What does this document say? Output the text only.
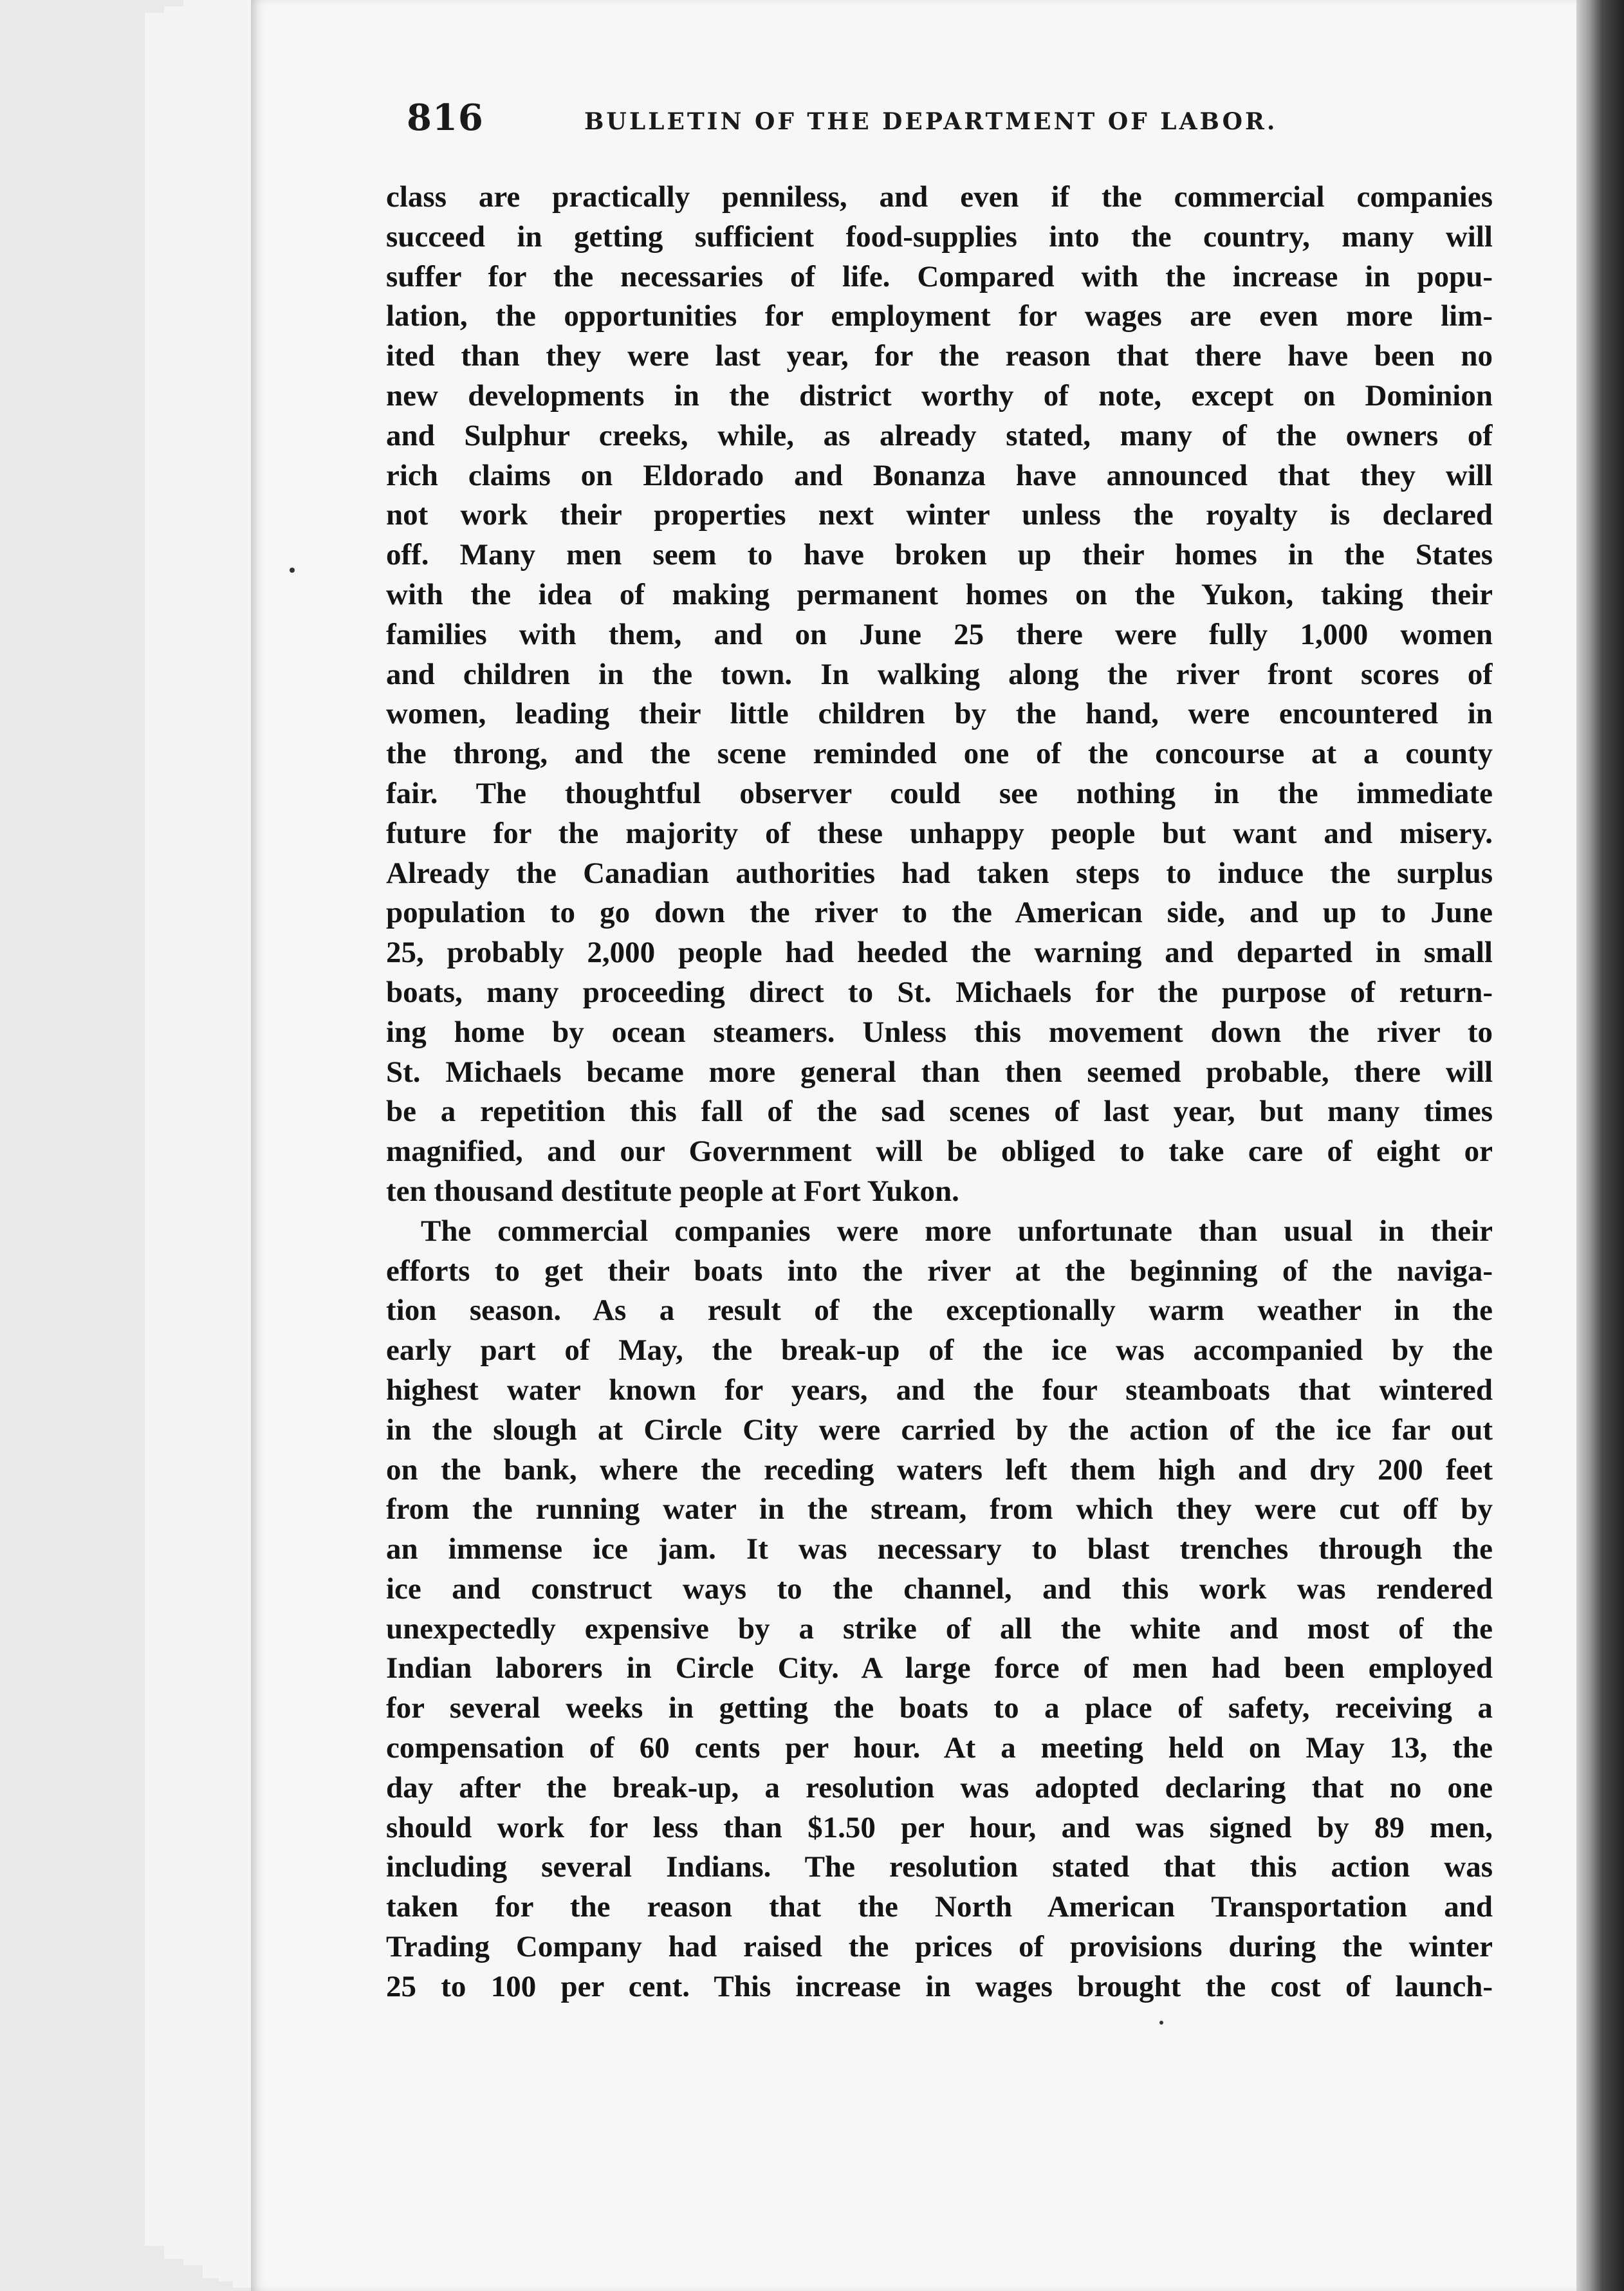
816	BULLETIN OF THE DEPARTMENT OF LABOR.
class are practically penniless, and even if the commercial companies
succeed in getting sufficient food-supplies into the country, many will
suffer for the necessaries of life. Compared with the increase in popu-
lation, the opportunities for employment for wages are even more lim-
ited than they were last year, for the reason that there have been no
new developments in the district worthy of note, except on Dominion
and Sulphur creeks, while, as already stated, many of the owners of
rich claims on Eldorado and Bonanza have announced that they will
not work their properties next winter unless the royalty is declared
off. Many men seem to have broken up their homes in the States
with the idea of making permanent homes on the Yukon, taking their
families with them, and on June 25 there were fully 1,000 women
and children in the town. In walking along the river front scores of
women, leading their little children by the hand, were encountered in
the throng, and the scene reminded one of the concourse at a county
fair. The thoughtful observer could see nothing in the immediate
future for the majority of these unhappy people but want and misery.
Already the Canadian authorities had taken steps to induce the surplus
population to go down the river to the American side, and up to June
25, probably 2,000 people had heeded the warning and departed in small
boats, many proceeding direct to St. Michaels for the purpose of return-
ing home by ocean steamers. Unless this movement down the river to
St. Michaels became more general than then seemed probable, there will
be a repetition this fall of the sad scenes of last year, but many times
magnified, and our Government will be obliged to take care of eight or
ten thousand destitute people at Fort Yukon.
The commercial companies were more unfortunate than usual in their
efforts to get their boats into the river at the beginning of the naviga-
tion season. As a result of the exceptionally warm weather in the
early part of May, the break-up of the ice was accompanied by the
highest water known for years, and the four steamboats that wintered
in the slough at Circle City were carried by the action of the ice far out
on the bank, where the receding waters left them high and dry 200 feet
from the running water in the stream, from which they were cut off by
an immense ice jam. It was necessary to blast trenches through the
ice and construct ways to the channel, and this work was rendered
unexpectedly expensive by a strike of all the white and most of the
Indian laborers in Circle City. A large force of men had been employed
for several weeks in getting the boats to a place of safety, receiving a
compensation of 60 cents per hour. At a meeting held on May 13, the
day after the break-up, a resolution was adopted declaring that no one
should work for less than $1.50 per hour, and was signed by 89 men,
including several Indians. The resolution stated that this action was
taken for the reason that the North American Transportation and
Trading Company had raised the prices of provisions during the winter
25 to 100 per cent. This increase in wages brought the cost of launch-
